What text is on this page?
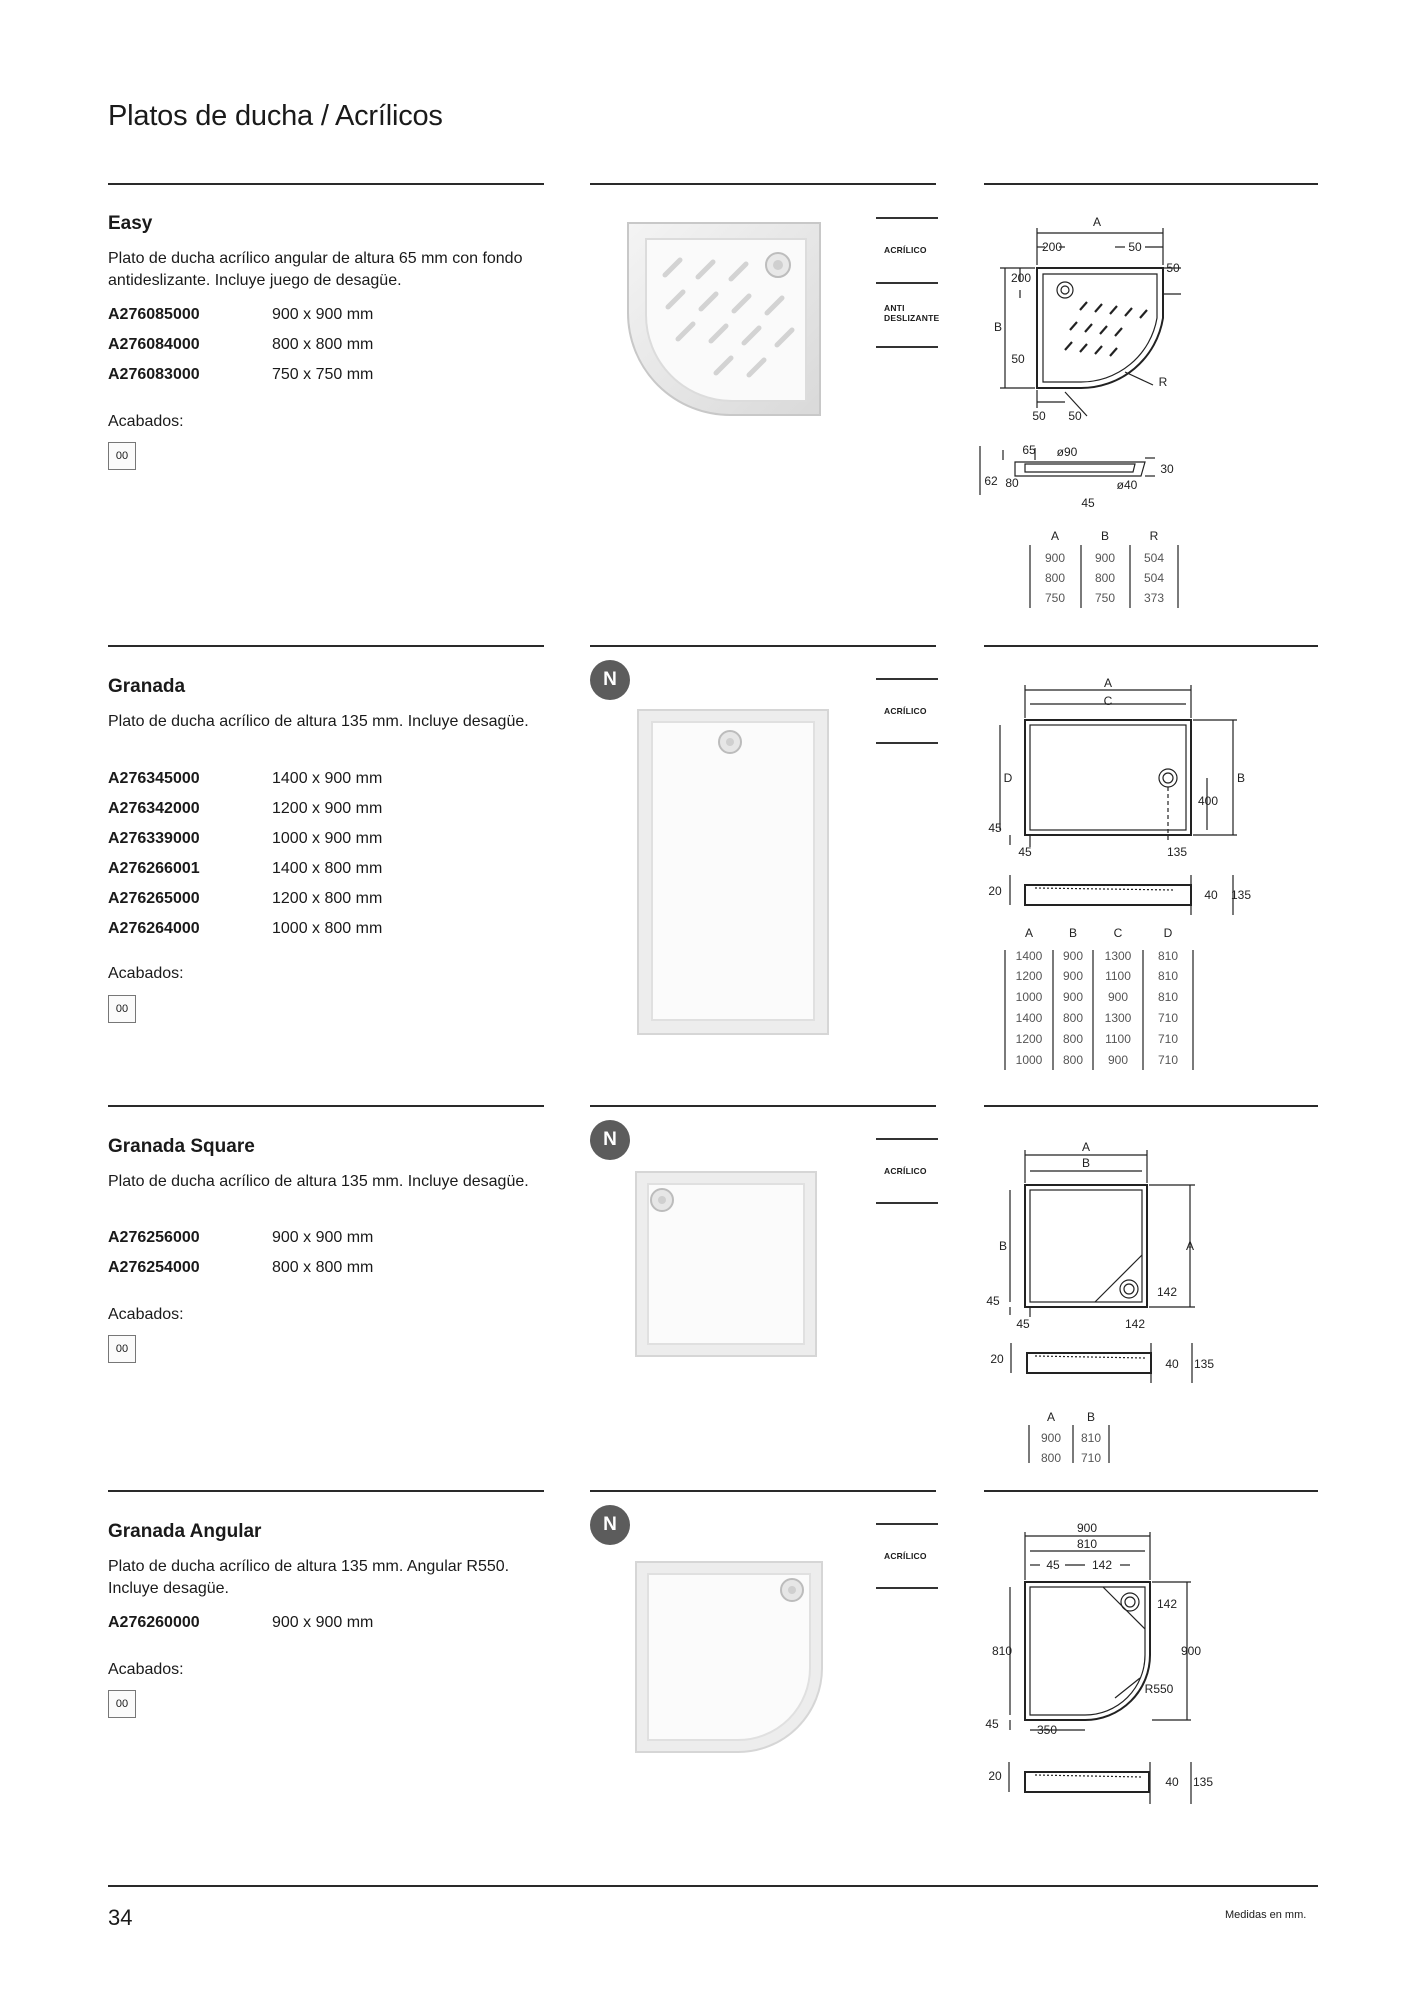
Platos de ducha / Acrílicos
Easy
Plato de ducha acrílico angular de altura 65 mm con fondo antideslizante. Incluye juego de desagüe.
A276085000	900 x 900 mm
A276084000	800 x 800 mm
A276083000	750 x 750 mm
Acabados:
00
ACRÍLICO
ANTI
DESLIZANTE
A
200	50
200
50
B
50
R
50 50
65 ø90
30
62 80	ø40
45
A	B	R
900 900 504
800 800 504
750 750 373
Granada
Plato de ducha acrílico de altura 135 mm. Incluye desagüe.
A276345000	1400 x 900 mm
A276342000	1200 x 900 mm
A276339000	1000 x 900 mm
A276266001	1400 x 800 mm
A276265000	1200 x 800 mm
A276264000	1000 x 800 mm
Acabados:
00
N
ACRÍLICO
A
C
D	B
400
45
45	135
20	40 135
A	B	C	D
1400 900 1300 810
1200 900 1100 810
1000 900 900 810
1400 800 1300 710
1200 800 1100 710
1000 800 900 710
Granada Square
Plato de ducha acrílico de altura 135 mm. Incluye desagüe.
A276256000	900 x 900 mm
A276254000	800 x 800 mm
Acabados:
00
N
ACRÍLICO
A
B
B	A
45
45
142
142
20	40 135
A	B
900 810
800 710
Granada Angular
Plato de ducha acrílico de altura 135 mm. Angular R550. Incluye desagüe.
A276260000	900 x 900 mm
Acabados:
00
N
ACRÍLICO
900
810
45	142
142
810	900
R550
45	350
20	40 135
34	Medidas en mm.
